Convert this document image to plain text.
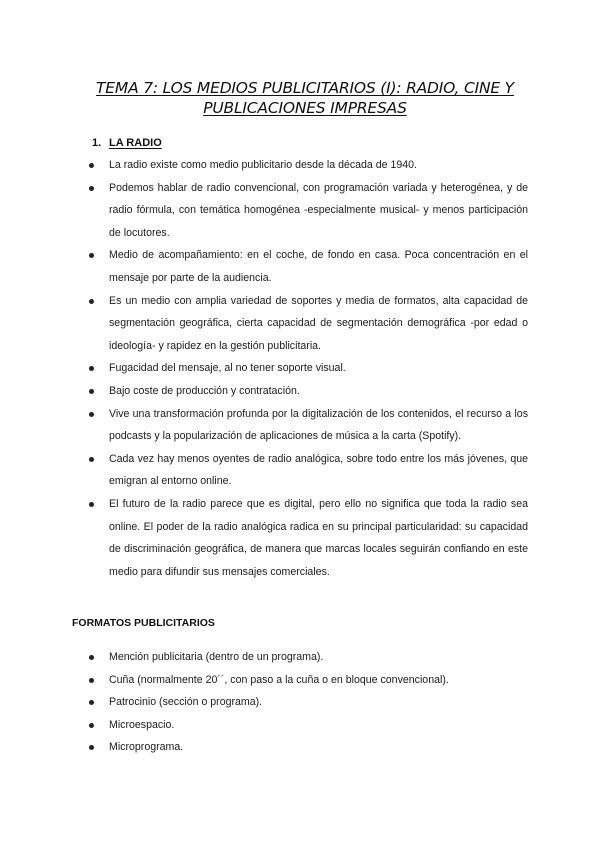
TEMA 7: LOS MEDIOS PUBLICITARIOS (I): RADIO, CINE Y
PUBLICACIONES IMPRESAS
1. LA RADIO
La radio existe como medio publicitario desde la década de 1940.
Podemos hablar de radio convencional, con programación variada y heterogénea, y de radio fórmula, con temática homogénea -especialmente musical- y menos participación de locutores.
Medio de acompañamiento: en el coche, de fondo en casa. Poca concentración en el mensaje por parte de la audiencia.
Es un medio con amplia variedad de soportes y media de formatos, alta capacidad de segmentación geográfica, cierta capacidad de segmentación demográfica -por edad o ideología- y rapidez en la gestión publicitaria.
Fugacidad del mensaje, al no tener soporte visual.
Bajo coste de producción y contratación.
Vive una transformación profunda por la digitalización de los contenidos, el recurso a los podcasts y la popularización de aplicaciones de música a la carta (Spotify).
Cada vez hay menos oyentes de radio analógica, sobre todo entre los más jóvenes, que emigran al entorno online.
El futuro de la radio parece que es digital, pero ello no significa que toda la radio sea online. El poder de la radio analógica radica en su principal particularidad: su capacidad de discriminación geográfica, de manera que marcas locales seguirán confiando en este medio para difundir sus mensajes comerciales.
FORMATOS PUBLICITARIOS
Mención publicitaria (dentro de un programa).
Cuña (normalmente 20´´, con paso a la cuña o en bloque convencional).
Patrocinio (sección o programa).
Microespacio.
Microprograma.
